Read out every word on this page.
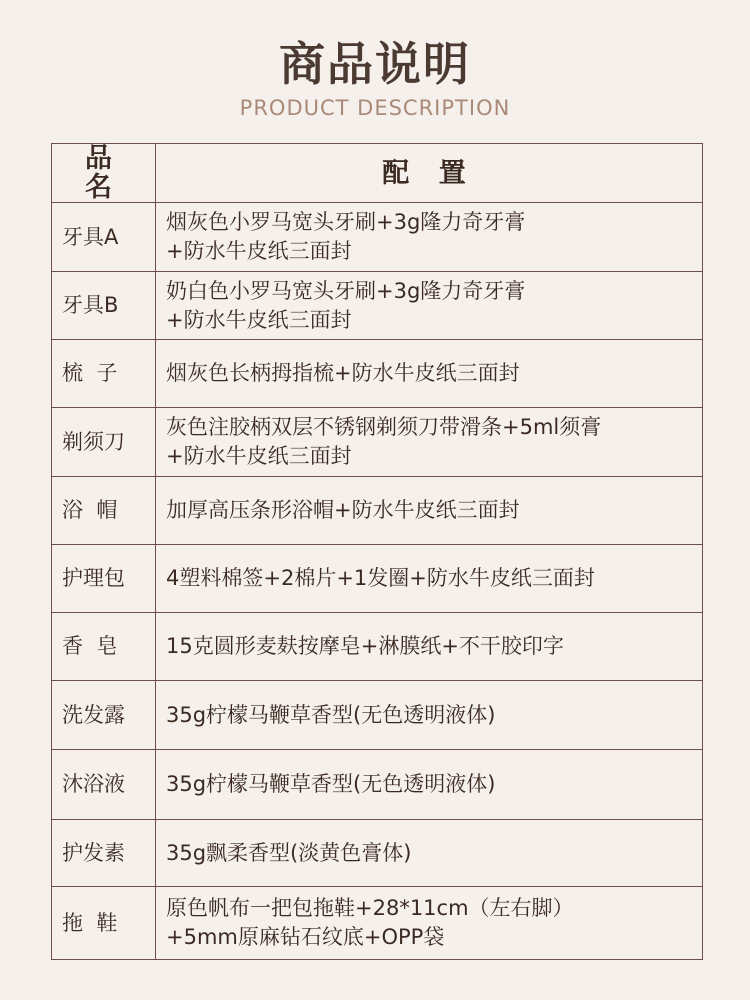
商品说明
PRODUCT DESCRIPTION
品 名	配 置
牙具A	烟灰色小罗马宽头牙刷+3g隆力奇牙膏
+防水牛皮纸三面封

牙具B	奶白色小罗马宽头牙刷+3g隆力奇牙膏
+防水牛皮纸三面封

梳  子	烟灰色长柄拇指梳+防水牛皮纸三面封

剃须刀	灰色注胶柄双层不锈钢剃须刀带滑条+5ml须膏
+防水牛皮纸三面封

浴  帽	加厚高压条形浴帽+防水牛皮纸三面封

护理包	4塑料棉签+2棉片+1发圈+防水牛皮纸三面封

香  皂	15克圆形麦麸按摩皂+淋膜纸+不干胶印字

洗发露	35g柠檬马鞭草香型(无色透明液体)

沐浴液	35g柠檬马鞭草香型(无色透明液体)

护发素	35g飘柔香型(淡黄色膏体)

拖  鞋	原色帆布一把包拖鞋+28*11cm（左右脚）
+5mm原麻钻石纹底+OPP袋
